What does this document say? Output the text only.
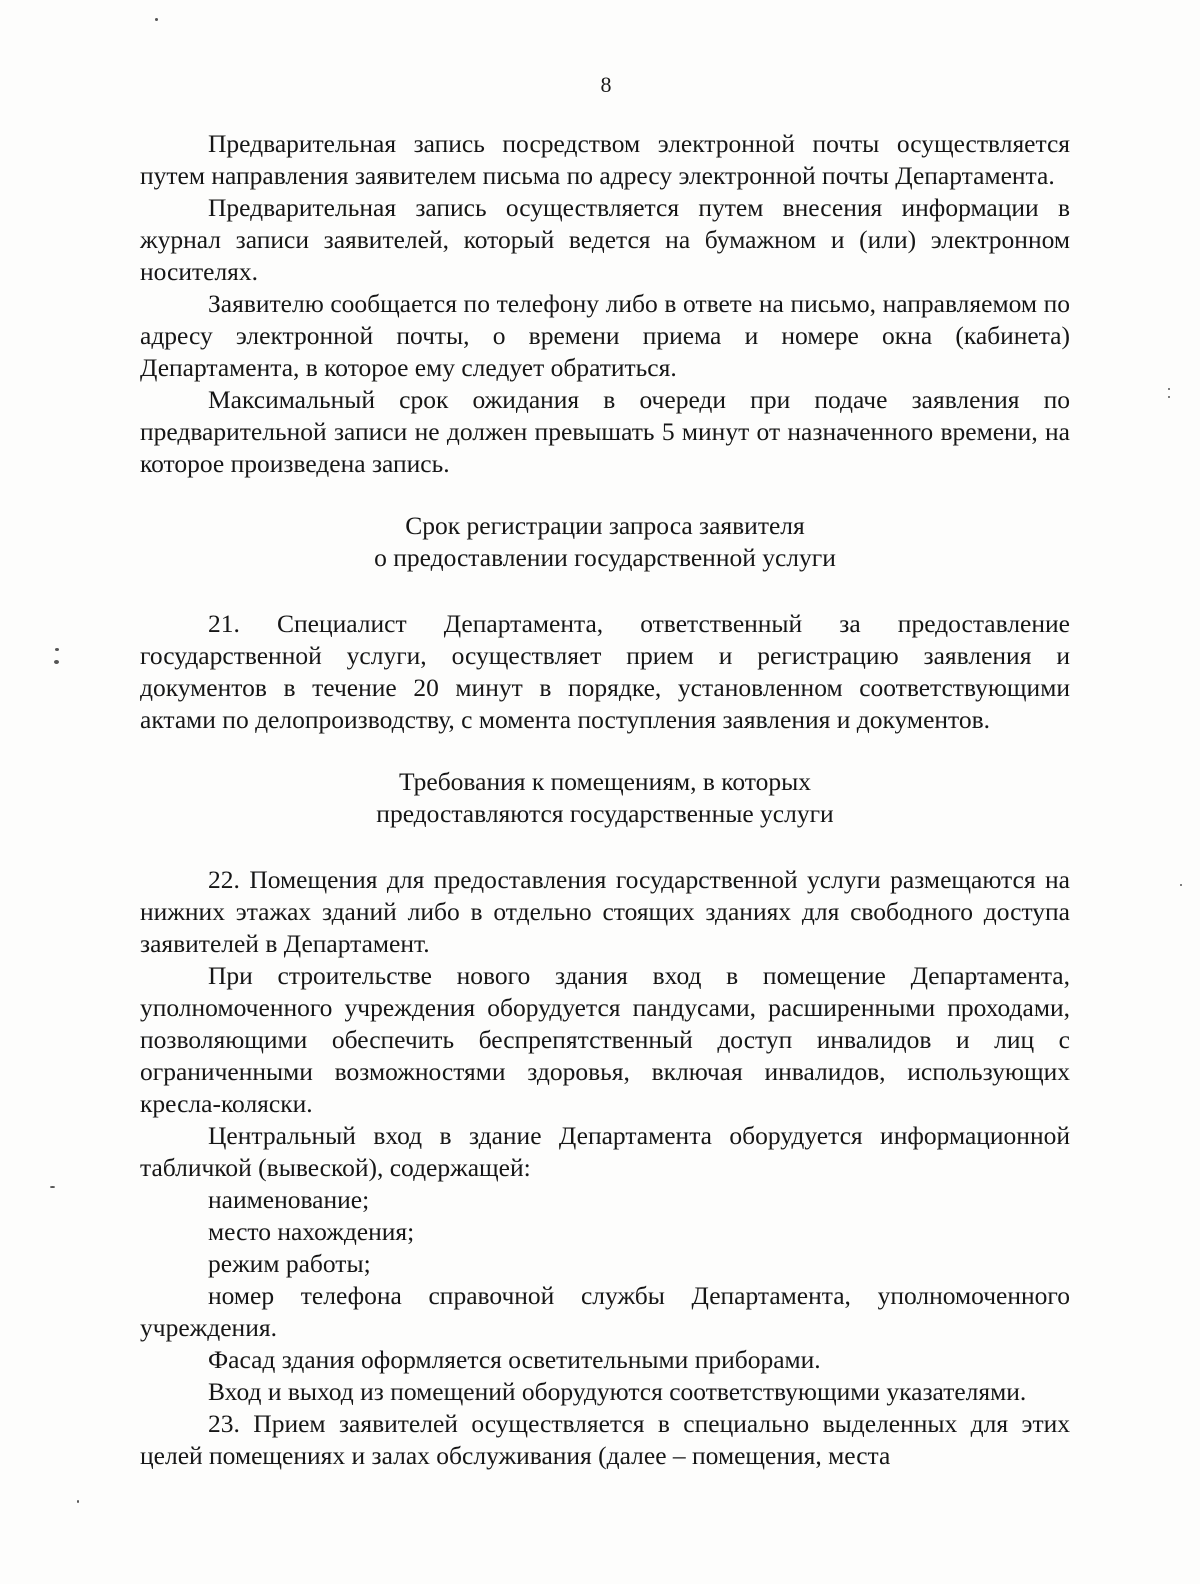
8

Предварительная запись посредством электронной почты осуществляется путем направления заявителем письма по адресу электронной почты Департамента.

Предварительная запись осуществляется путем внесения информации в журнал записи заявителей, который ведется на бумажном и (или) электронном носителях.

Заявителю сообщается по телефону либо в ответе на письмо, направляемом по адресу электронной почты, о времени приема и номере окна (кабинета) Департамента, в которое ему следует обратиться.

Максимальный срок ожидания в очереди при подаче заявления по предварительной записи не должен превышать 5 минут от назначенного времени, на которое произведена запись.

Срок регистрации запроса заявителя

о предоставлении государственной услуги

21. Специалист Департамента, ответственный за предоставление государственной услуги, осуществляет прием и регистрацию заявления и документов в течение 20 минут в порядке, установленном соответствующими актами по делопроизводству, с момента поступления заявления и документов.

Требования к помещениям, в которых

предоставляются государственные услуги

22. Помещения для предоставления государственной услуги размещаются на нижних этажах зданий либо в отдельно стоящих зданиях для свободного доступа заявителей в Департамент.

При строительстве нового здания вход в помещение Департамента, уполномоченного учреждения оборудуется пандусами, расширенными проходами, позволяющими обеспечить беспрепятственный доступ инвалидов и лиц с ограниченными возможностями здоровья, включая инвалидов, использующих кресла-коляски.

Центральный вход в здание Департамента оборудуется информационной табличкой (вывеской), содержащей:

наименование;

место нахождения;

режим работы;

номер телефона справочной службы Департамента, уполномоченного учреждения.

Фасад здания оформляется осветительными приборами.

Вход и выход из помещений оборудуются соответствующими указателями.

23. Прием заявителей осуществляется в специально выделенных для этих целей помещениях и залах обслуживания (далее – помещения, места
